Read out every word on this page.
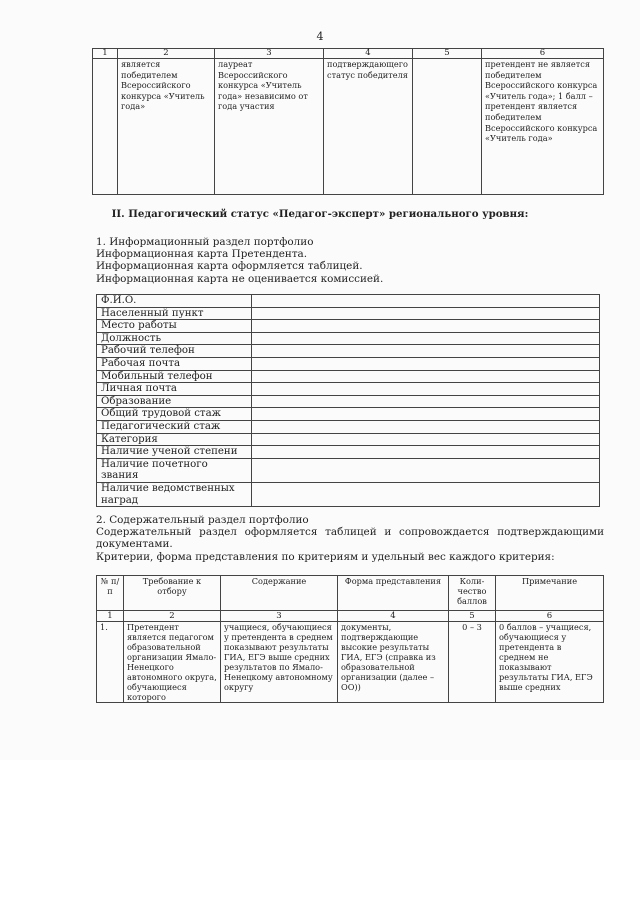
4
1	2	3	4	5	6
	является победителем Всероссийского конкурса «Учитель года»	лауреат Всероссийского конкурса «Учитель года» независимо от года участия	подтверждающего статус победителя		претендент не является победителем Всероссийского конкурса «Учитель года»; 1 балл – претендент является победителем Всероссийского конкурса «Учитель года»
II. Педагогический статус «Педагог-эксперт» регионального уровня:
1. Информационный раздел портфолио
Информационная карта Претендента.
Информационная карта оформляется таблицей.
Информационная карта не оценивается комиссией.
Ф.И.О.	
Населенный пункт	
Место работы	
Должность	
Рабочий телефон	
Рабочая почта	
Мобильный телефон	
Личная почта	
Образование	
Общий трудовой стаж	
Педагогический стаж	
Категория	
Наличие ученой степени	
Наличие почетного звания	
Наличие ведомственных наград	
2. Содержательный раздел портфолио
Содержательный раздел оформляется таблицей и сопровождается подтверждающими документами.
Критерии, форма представления по критериям и удельный вес каждого критерия:
№ п/п	Требование к отбору	Содержание	Форма представления	Коли-чество баллов	Примечание
1	2	3	4	5	6
1.	Претендент является педагогом образовательной организации Ямало-Ненецкого автономного округа, обучающиеся которого	учащиеся, обучающиеся у претендента в среднем показывают результаты ГИА, ЕГЭ выше средних результатов по Ямало-Ненецкому автономному округу	документы, подтверждающие высокие результаты ГИА, ЕГЭ (справка из образовательной организации (далее – ОО))	0 – 3	0 баллов – учащиеся, обучающиеся у претендента в среднем не показывают результаты ГИА, ЕГЭ выше средних
